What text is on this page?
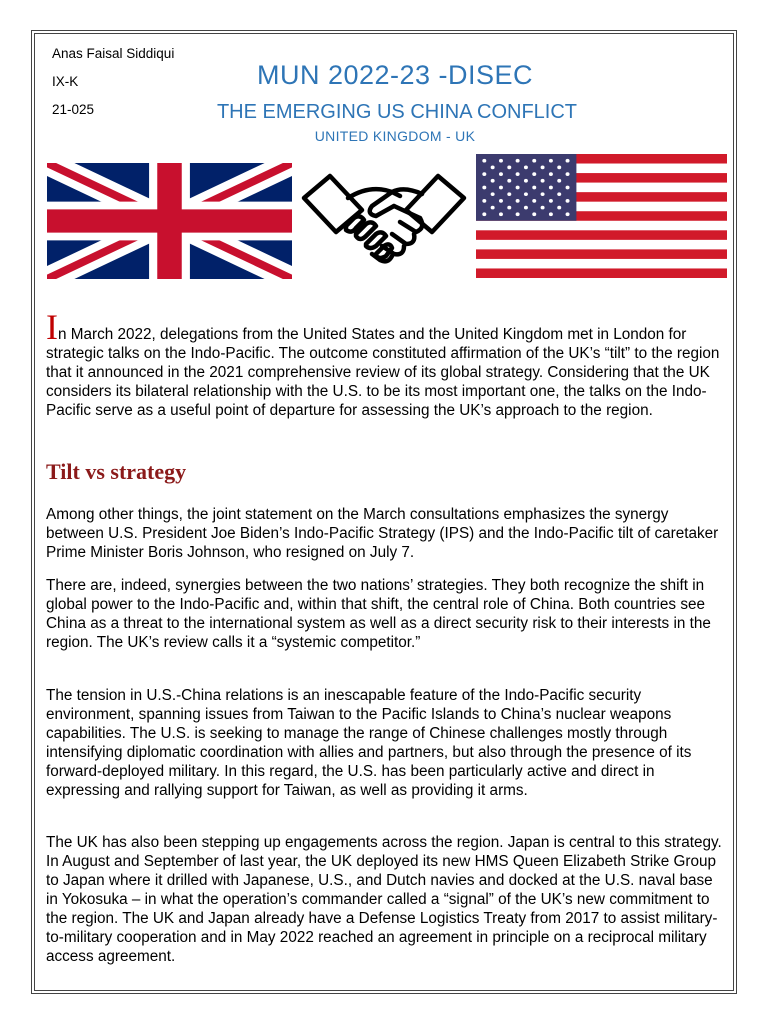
Anas Faisal Siddiqui
IX-K
21-025
MUN 2022-23 -DISEC
THE EMERGING US CHINA CONFLICT
UNITED KINGDOM - UK

In March 2022, delegations from the United States and the United Kingdom met in London for strategic talks on the Indo-Pacific. The outcome constituted affirmation of the UK’s “tilt” to the region that it announced in the 2021 comprehensive review of its global strategy. Considering that the UK considers its bilateral relationship with the U.S. to be its most important one, the talks on the Indo-Pacific serve as a useful point of departure for assessing the UK’s approach to the region.

Tilt vs strategy

Among other things, the joint statement on the March consultations emphasizes the synergy between U.S. President Joe Biden’s Indo-Pacific Strategy (IPS) and the Indo-Pacific tilt of caretaker Prime Minister Boris Johnson, who resigned on July 7.

There are, indeed, synergies between the two nations’ strategies. They both recognize the shift in global power to the Indo-Pacific and, within that shift, the central role of China. Both countries see China as a threat to the international system as well as a direct security risk to their interests in the region. The UK’s review calls it a “systemic competitor.”

The tension in U.S.-China relations is an inescapable feature of the Indo-Pacific security environment, spanning issues from Taiwan to the Pacific Islands to China’s nuclear weapons capabilities. The U.S. is seeking to manage the range of Chinese challenges mostly through intensifying diplomatic coordination with allies and partners, but also through the presence of its forward-deployed military. In this regard, the U.S. has been particularly active and direct in expressing and rallying support for Taiwan, as well as providing it arms.

The UK has also been stepping up engagements across the region. Japan is central to this strategy. In August and September of last year, the UK deployed its new HMS Queen Elizabeth Strike Group to Japan where it drilled with Japanese, U.S., and Dutch navies and docked at the U.S. naval base in Yokosuka – in what the operation’s commander called a “signal” of the UK’s new commitment to the region. The UK and Japan already have a Defense Logistics Treaty from 2017 to assist military-to-military cooperation and in May 2022 reached an agreement in principle on a reciprocal military access agreement.
